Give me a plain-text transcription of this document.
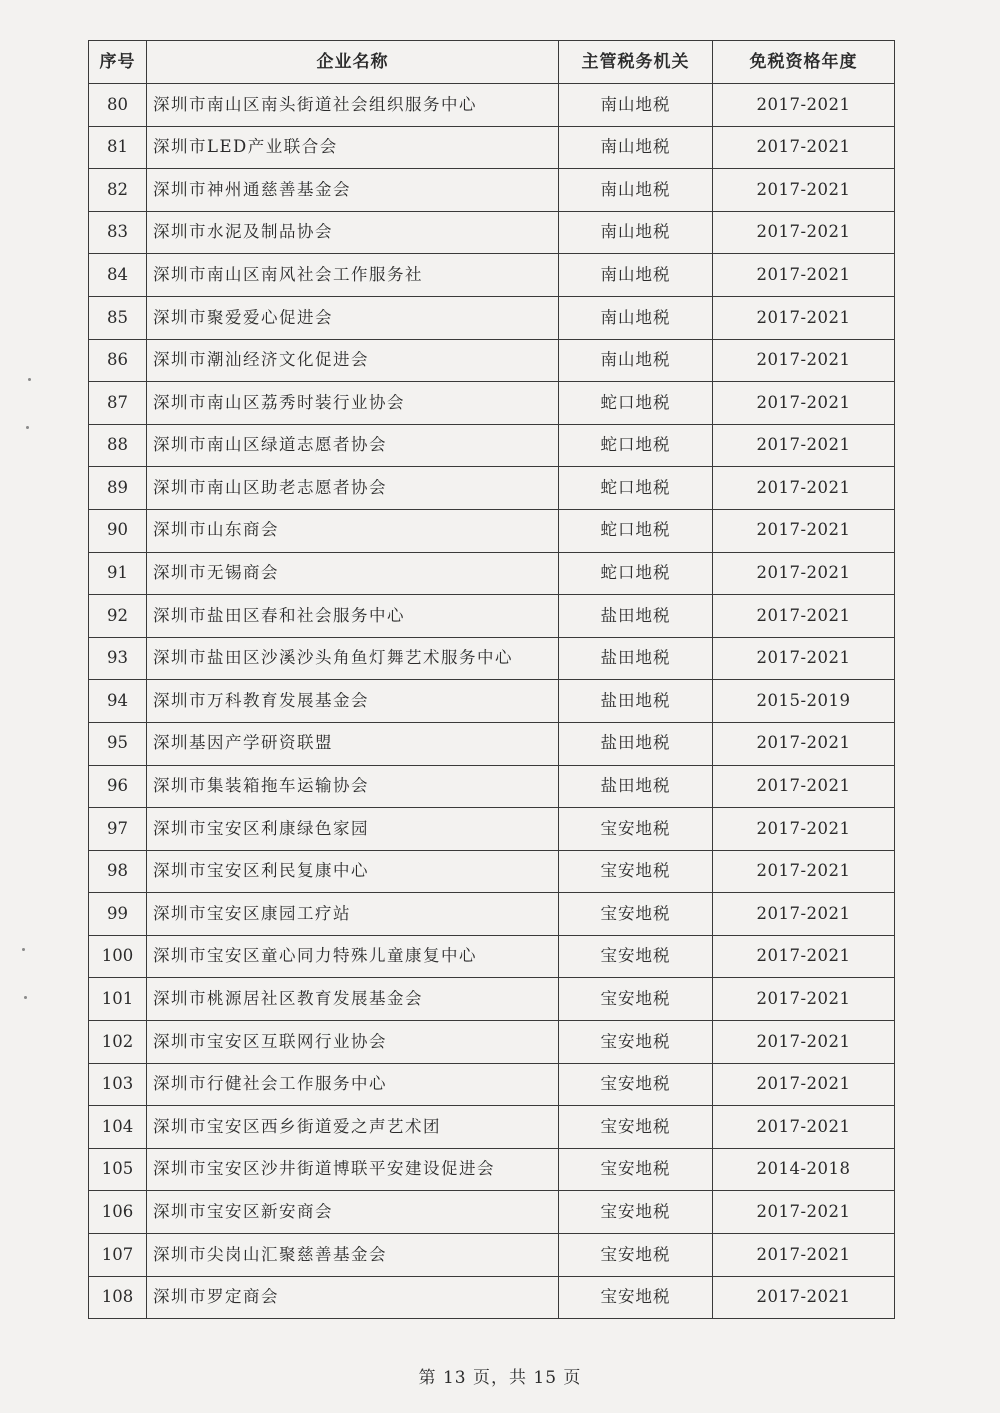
序号	企业名称	主管税务机关	免税资格年度
80	深圳市南山区南头街道社会组织服务中心	南山地税	2017-2021
81	深圳市LED产业联合会	南山地税	2017-2021
82	深圳市神州通慈善基金会	南山地税	2017-2021
83	深圳市水泥及制品协会	南山地税	2017-2021
84	深圳市南山区南风社会工作服务社	南山地税	2017-2021
85	深圳市聚爱爱心促进会	南山地税	2017-2021
86	深圳市潮汕经济文化促进会	南山地税	2017-2021
87	深圳市南山区荔秀时装行业协会	蛇口地税	2017-2021
88	深圳市南山区绿道志愿者协会	蛇口地税	2017-2021
89	深圳市南山区助老志愿者协会	蛇口地税	2017-2021
90	深圳市山东商会	蛇口地税	2017-2021
91	深圳市无锡商会	蛇口地税	2017-2021
92	深圳市盐田区春和社会服务中心	盐田地税	2017-2021
93	深圳市盐田区沙溪沙头角鱼灯舞艺术服务中心	盐田地税	2017-2021
94	深圳市万科教育发展基金会	盐田地税	2015-2019
95	深圳基因产学研资联盟	盐田地税	2017-2021
96	深圳市集装箱拖车运输协会	盐田地税	2017-2021
97	深圳市宝安区利康绿色家园	宝安地税	2017-2021
98	深圳市宝安区利民复康中心	宝安地税	2017-2021
99	深圳市宝安区康园工疗站	宝安地税	2017-2021
100	深圳市宝安区童心同力特殊儿童康复中心	宝安地税	2017-2021
101	深圳市桃源居社区教育发展基金会	宝安地税	2017-2021
102	深圳市宝安区互联网行业协会	宝安地税	2017-2021
103	深圳市行健社会工作服务中心	宝安地税	2017-2021
104	深圳市宝安区西乡街道爱之声艺术团	宝安地税	2017-2021
105	深圳市宝安区沙井街道博联平安建设促进会	宝安地税	2014-2018
106	深圳市宝安区新安商会	宝安地税	2017-2021
107	深圳市尖岗山汇聚慈善基金会	宝安地税	2017-2021
108	深圳市罗定商会	宝安地税	2017-2021
第 13 页，共 15 页
